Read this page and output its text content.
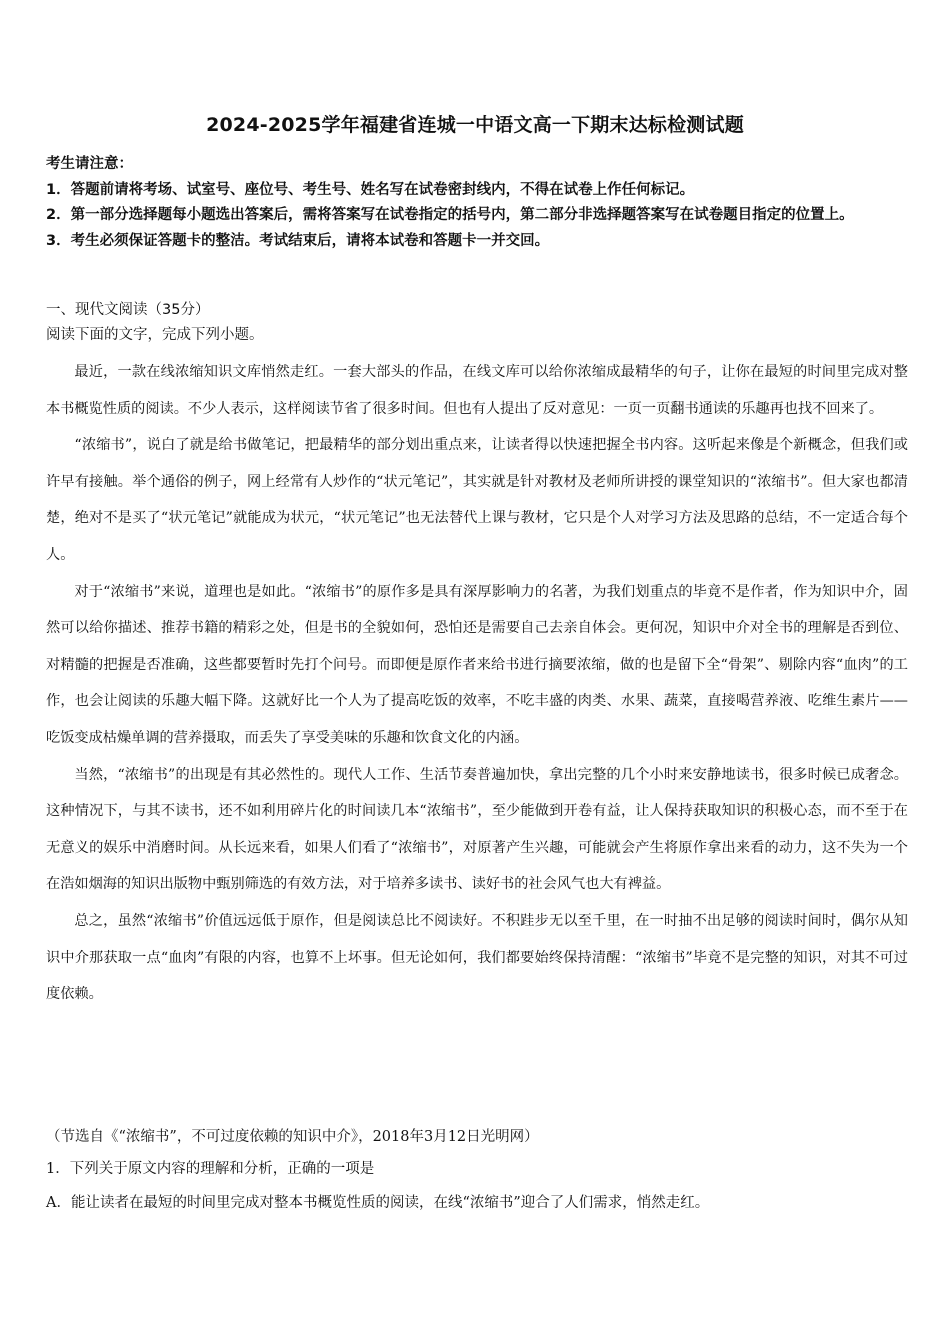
2024-2025学年福建省连城一中语文高一下期末达标检测试题

考生请注意：

1．答题前请将考场、试室号、座位号、考生号、姓名写在试卷密封线内，不得在试卷上作任何标记。

2．第一部分选择题每小题选出答案后，需将答案写在试卷指定的括号内，第二部分非选择题答案写在试卷题目指定的位置上。

3．考生必须保证答题卡的整洁。考试结束后，请将本试卷和答题卡一并交回。

一、现代文阅读（35分）

阅读下面的文字，完成下列小题。

最近，一款在线浓缩知识文库悄然走红。一套大部头的作品，在线文库可以给你浓缩成最精华的句子，让你在最短的时间里完成对整本书概览性质的阅读。不少人表示，这样阅读节省了很多时间。但也有人提出了反对意见：一页一页翻书通读的乐趣再也找不回来了。

“浓缩书”，说白了就是给书做笔记，把最精华的部分划出重点来，让读者得以快速把握全书内容。这听起来像是个新概念，但我们或许早有接触。举个通俗的例子，网上经常有人炒作的“状元笔记”，其实就是针对教材及老师所讲授的课堂知识的“浓缩书”。但大家也都清楚，绝对不是买了“状元笔记”就能成为状元，“状元笔记”也无法替代上课与教材，它只是个人对学习方法及思路的总结，不一定适合每个人。

对于“浓缩书”来说，道理也是如此。“浓缩书”的原作多是具有深厚影响力的名著，为我们划重点的毕竟不是作者，作为知识中介，固然可以给你描述、推荐书籍的精彩之处，但是书的全貌如何，恐怕还是需要自己去亲自体会。更何况，知识中介对全书的理解是否到位、对精髓的把握是否准确，这些都要暂时先打个问号。而即便是原作者来给书进行摘要浓缩，做的也是留下全“骨架”、剔除内容“血肉”的工作，也会让阅读的乐趣大幅下降。这就好比一个人为了提高吃饭的效率，不吃丰盛的肉类、水果、蔬菜，直接喝营养液、吃维生素片——吃饭变成枯燥单调的营养摄取，而丢失了享受美味的乐趣和饮食文化的内涵。

当然，“浓缩书”的出现是有其必然性的。现代人工作、生活节奏普遍加快，拿出完整的几个小时来安静地读书，很多时候已成奢念。这种情况下，与其不读书，还不如利用碎片化的时间读几本“浓缩书”，至少能做到开卷有益，让人保持获取知识的积极心态，而不至于在无意义的娱乐中消磨时间。从长远来看，如果人们看了“浓缩书”，对原著产生兴趣，可能就会产生将原作拿出来看的动力，这不失为一个在浩如烟海的知识出版物中甄别筛选的有效方法，对于培养多读书、读好书的社会风气也大有裨益。

总之，虽然“浓缩书”价值远远低于原作，但是阅读总比不阅读好。不积跬步无以至千里，在一时抽不出足够的阅读时间时，偶尔从知识中介那获取一点“血肉”有限的内容，也算不上坏事。但无论如何，我们都要始终保持清醒：“浓缩书”毕竟不是完整的知识，对其不可过度依赖。

（节选自《“浓缩书”，不可过度依赖的知识中介》，2018年3月12日光明网）

1．下列关于原文内容的理解和分析，正确的一项是

A．能让读者在最短的时间里完成对整本书概览性质的阅读，在线“浓缩书”迎合了人们需求，悄然走红。
